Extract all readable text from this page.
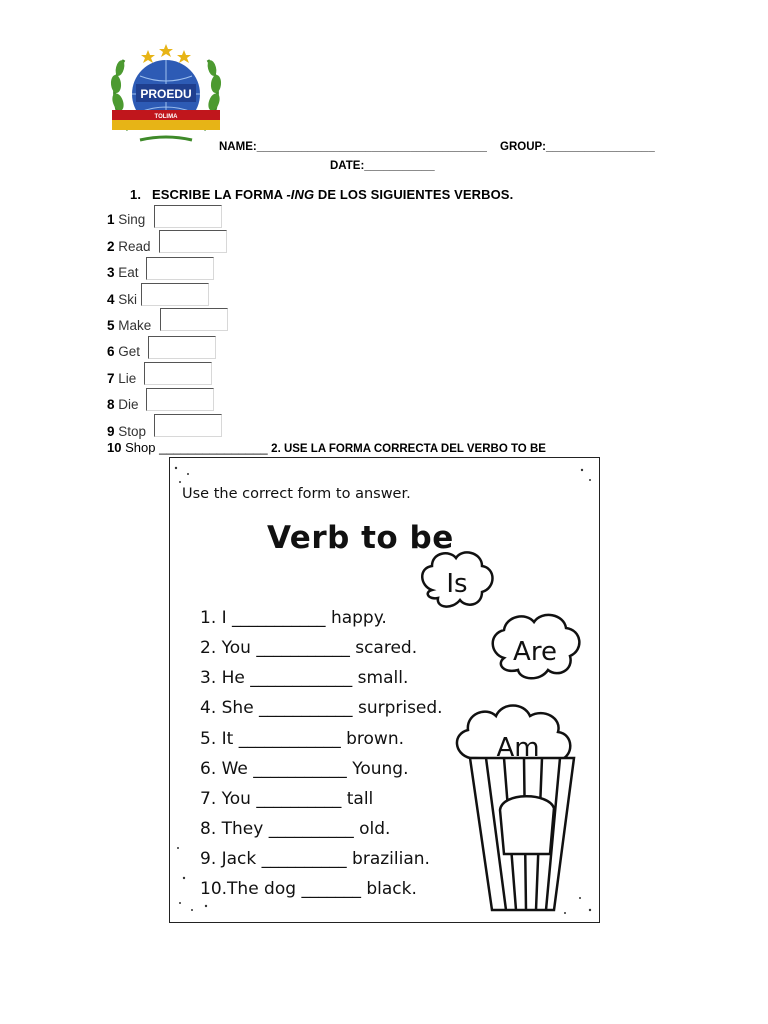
PROEDU
TOLIMA
NAME:____________________________________ GROUP:_________________
DATE:___________
1. ESCRIBE LA FORMA -ING DE LOS SIGUIENTES VERBOS.
1 Sing
2 Read
3 Eat
4 Ski
5 Make
6 Get
7 Lie
8 Die
9 Stop
10 Shop _______________ 2. USE LA FORMA CORRECTA DEL VERBO TO BE
Is
Are
Am
Use the correct form to answer.
Verb to be
1. I ___________ happy.
2. You ___________ scared.
3. He ____________ small.
4. She ___________ surprised.
5. It ____________ brown.
6. We ___________ Young.
7. You __________ tall
8. They __________ old.
9. Jack __________ brazilian.
10.The dog _______ black.
